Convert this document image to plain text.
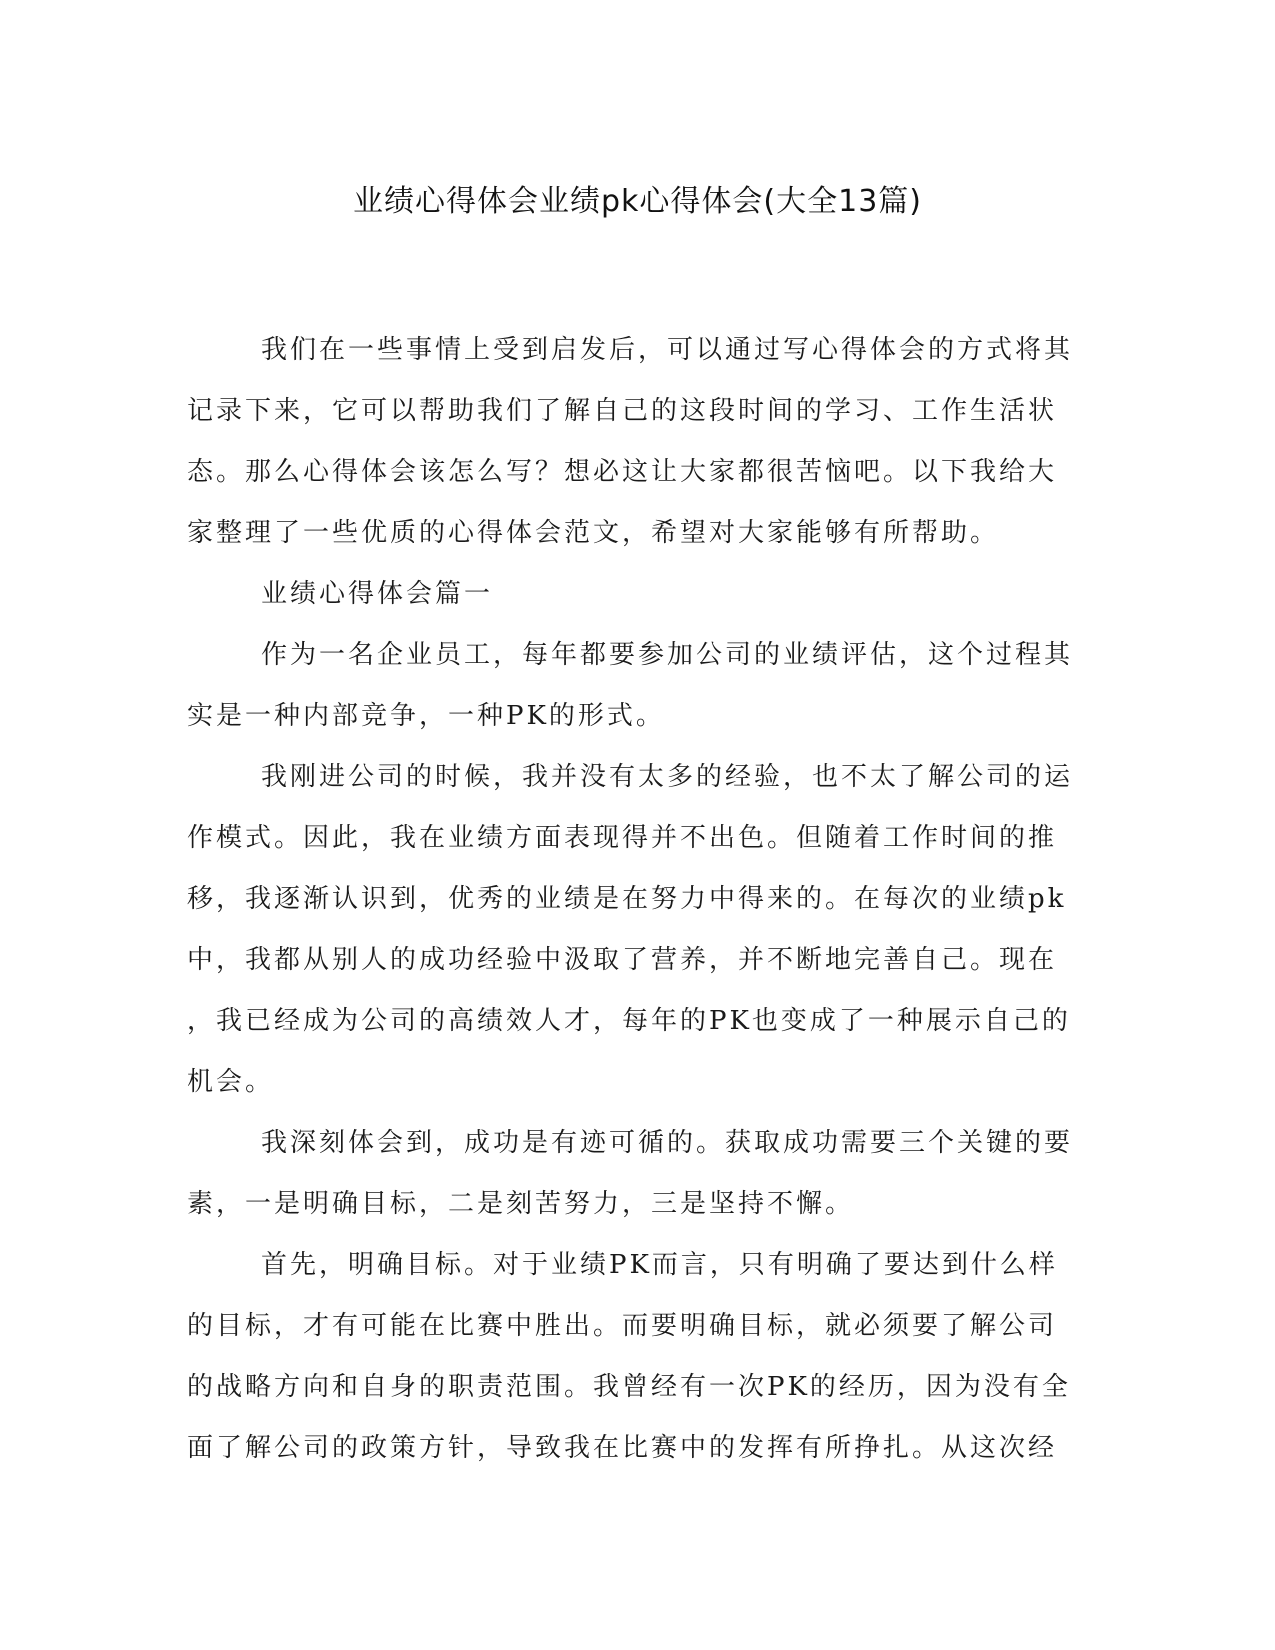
业绩心得体会业绩pk心得体会(大全13篇)

我们在一些事情上受到启发后，可以通过写心得体会的方式将其
记录下来，它可以帮助我们了解自己的这段时间的学习、工作生活状
态。那么心得体会该怎么写？想必这让大家都很苦恼吧。以下我给大
家整理了一些优质的心得体会范文，希望对大家能够有所帮助。

业绩心得体会篇一

作为一名企业员工，每年都要参加公司的业绩评估，这个过程其
实是一种内部竞争，一种PK的形式。

我刚进公司的时候，我并没有太多的经验，也不太了解公司的运
作模式。因此，我在业绩方面表现得并不出色。但随着工作时间的推
移，我逐渐认识到，优秀的业绩是在努力中得来的。在每次的业绩pk
中，我都从别人的成功经验中汲取了营养，并不断地完善自己。现在
，我已经成为公司的高绩效人才，每年的PK也变成了一种展示自己的
机会。

我深刻体会到，成功是有迹可循的。获取成功需要三个关键的要
素，一是明确目标，二是刻苦努力，三是坚持不懈。

首先，明确目标。对于业绩PK而言，只有明确了要达到什么样
的目标，才有可能在比赛中胜出。而要明确目标，就必须要了解公司
的战略方向和自身的职责范围。我曾经有一次PK的经历，因为没有全
面了解公司的政策方针，导致我在比赛中的发挥有所挣扎。从这次经
